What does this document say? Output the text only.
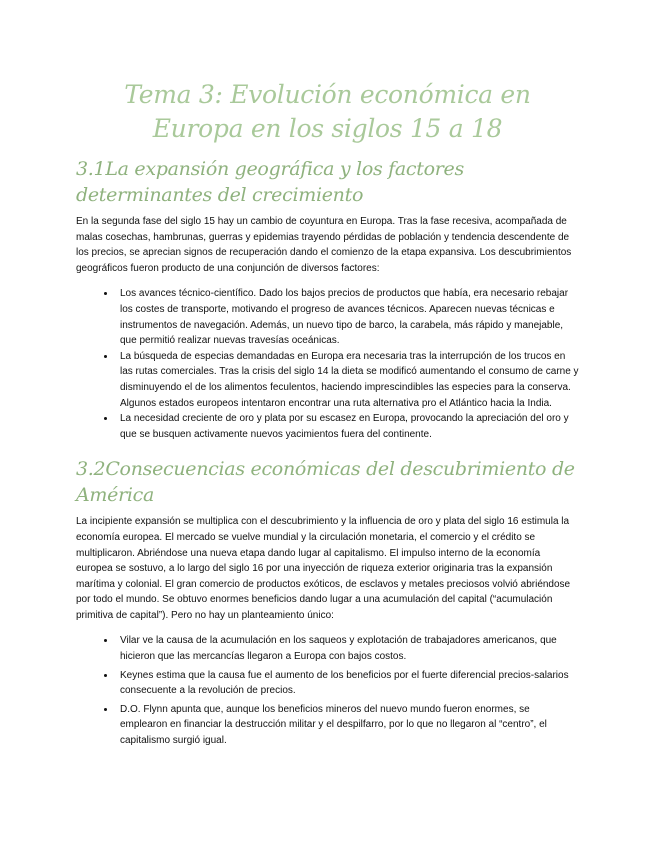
Tema 3: Evolución económica en Europa en los siglos 15 a 18
3.1La expansión geográfica y los factores determinantes del crecimiento

En la segunda fase del siglo 15 hay un cambio de coyuntura en Europa. Tras la fase recesiva, acompañada de malas cosechas, hambrunas, guerras y epidemias trayendo pérdidas de población y tendencia descendente de los precios, se aprecian signos de recuperación dando el comienzo de la etapa expansiva. Los descubrimientos geográficos fueron producto de una conjunción de diversos factores:

• Los avances técnico-científico. Dado los bajos precios de productos que había, era necesario rebajar los costes de transporte, motivando el progreso de avances técnicos. Aparecen nuevas técnicas e instrumentos de navegación. Además, un nuevo tipo de barco, la carabela, más rápido y manejable, que permitió realizar nuevas travesías oceánicas.
• La búsqueda de especias demandadas en Europa era necesaria tras la interrupción de los trucos en las rutas comerciales. Tras la crisis del siglo 14 la dieta se modificó aumentando el consumo de carne y disminuyendo el de los alimentos feculentos, haciendo imprescindibles las especies para la conserva. Algunos estados europeos intentaron encontrar una ruta alternativa pro el Atlántico hacia la India.
• La necesidad creciente de oro y plata por su escasez en Europa, provocando la apreciación del oro y que se busquen activamente nuevos yacimientos fuera del continente.
3.2Consecuencias económicas del descubrimiento de América

La incipiente expansión se multiplica con el descubrimiento y la influencia de oro y plata del siglo 16 estimula la economía europea. El mercado se vuelve mundial y la circulación monetaria, el comercio y el crédito se multiplicaron. Abriéndose una nueva etapa dando lugar al capitalismo. El impulso interno de la economía europea se sostuvo, a lo largo del siglo 16 por una inyección de riqueza exterior originaria tras la expansión marítima y colonial. El gran comercio de productos exóticos, de esclavos y metales preciosos volvió abriéndose por todo el mundo. Se obtuvo enormes beneficios dando lugar a una acumulación del capital (“acumulación primitiva de capital”). Pero no hay un planteamiento único:

• Vilar ve la causa de la acumulación en los saqueos y explotación de trabajadores americanos, que hicieron que las mercancías llegaron a Europa con bajos costos.
• Keynes estima que la causa fue el aumento de los beneficios por el fuerte diferencial precios-salarios consecuente a la revolución de precios.
• D.O. Flynn apunta que, aunque los beneficios mineros del nuevo mundo fueron enormes, se emplearon en financiar la destrucción militar y el despilfarro, por lo que no llegaron al “centro”, el capitalismo surgió igual.
